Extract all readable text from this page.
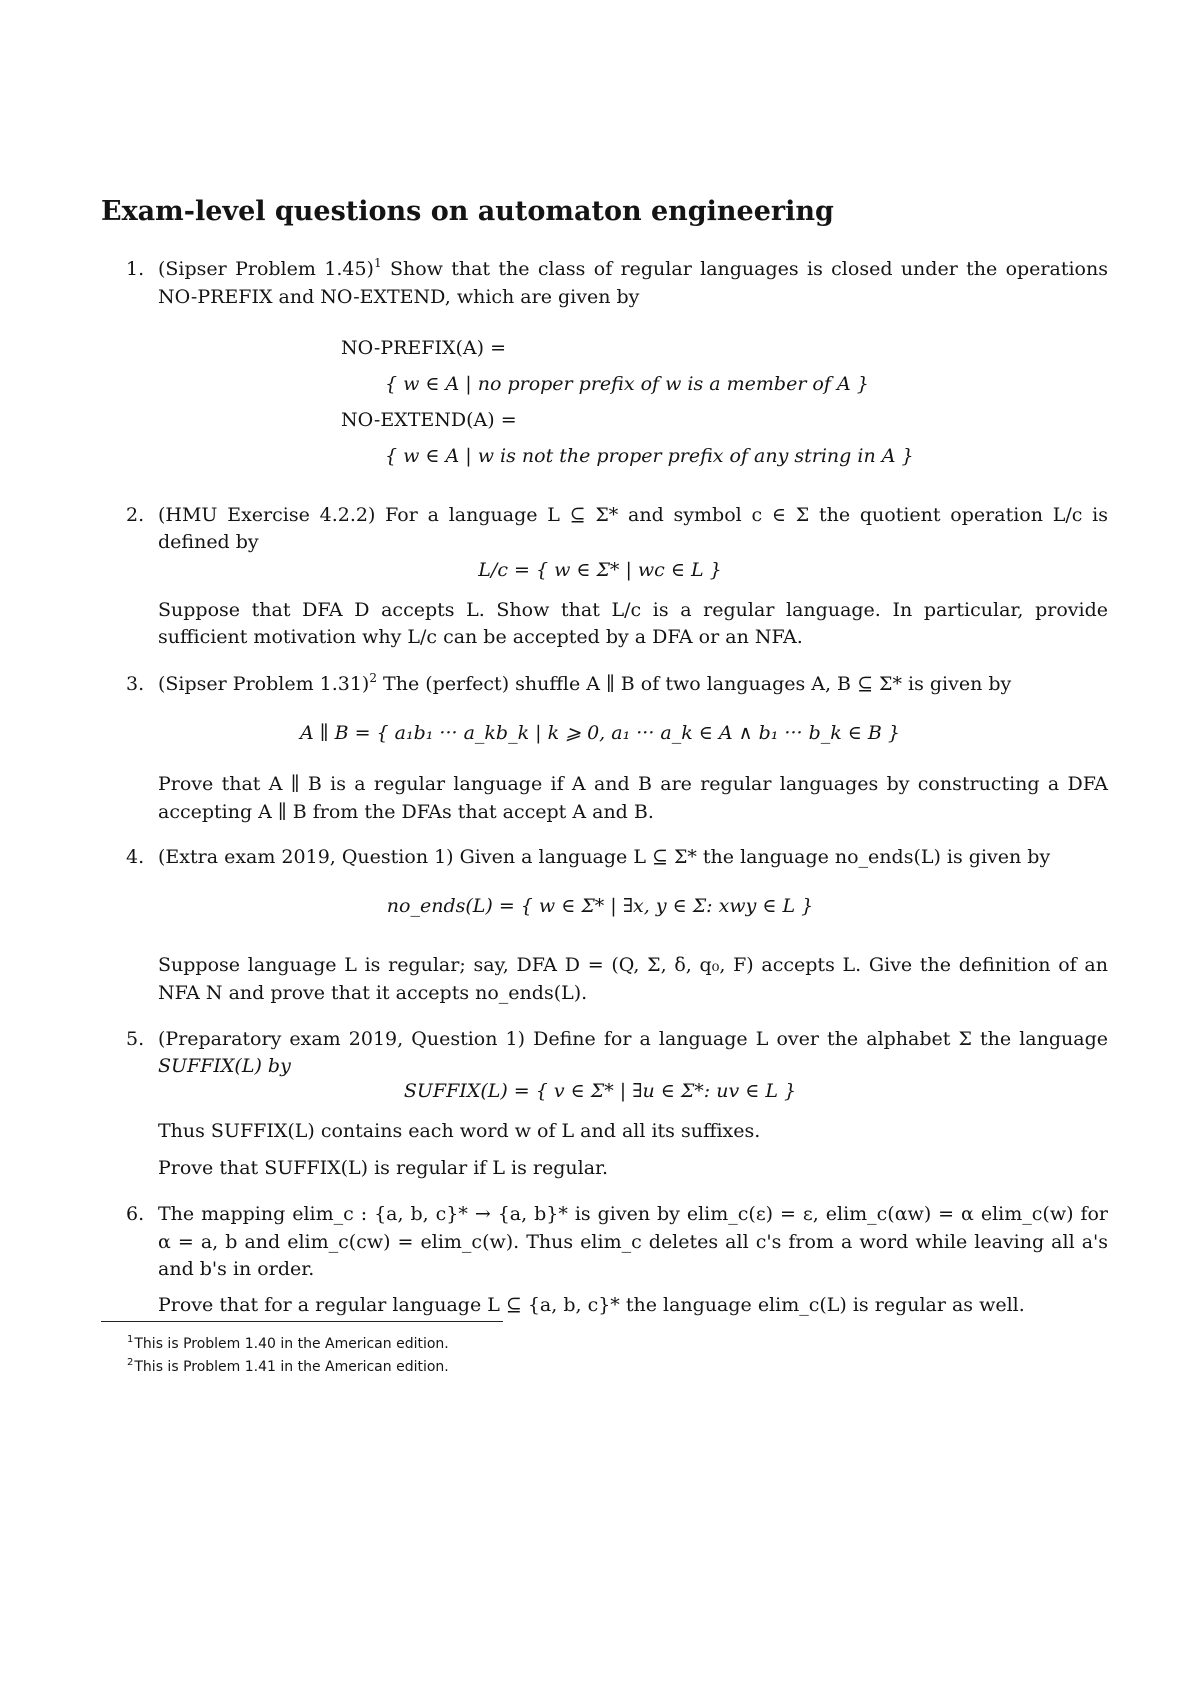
Exam-level questions on automaton engineering
1. (Sipser Problem 1.45)$^1$ Show that the class of regular languages is closed under the operations
NO-PREFIX and NO-EXTEND, which are given by
NO-PREFIX(A) =
{ w ∈ A | no proper prefix of w is a member of A }
NO-EXTEND(A) =
{ w ∈ A | w is not the proper prefix of any string in A }
2. (HMU Exercise 4.2.2) For a language L ⊆ Σ* and symbol c ∈ Σ the quotient operation L/c is
defined by
L/c = { w ∈ Σ* | wc ∈ L }
Suppose that DFA D accepts L. Show that L/c is a regular language. In particular, provide
sufficient motivation why L/c can be accepted by a DFA or an NFA.
3. (Sipser Problem 1.31)$^2$ The (perfect) shuffle A ∥ B of two languages A, B ⊆ Σ* is given by
A ∥ B = { a₁b₁ ··· a_kb_k | k ⩾ 0, a₁ ··· a_k ∈ A ∧ b₁ ··· b_k ∈ B }
Prove that A ∥ B is a regular language if A and B are regular languages by constructing a DFA
accepting A ∥ B from the DFAs that accept A and B.
4. (Extra exam 2019, Question 1) Given a language L ⊆ Σ* the language no_ends(L) is given by
no_ends(L) = { w ∈ Σ* | ∃x, y ∈ Σ: xwy ∈ L }
Suppose language L is regular; say, DFA D = (Q, Σ, δ, q₀, F) accepts L. Give the definition of an
NFA N and prove that it accepts no_ends(L).
5. (Preparatory exam 2019, Question 1) Define for a language L over the alphabet Σ the language
SUFFIX(L) by
SUFFIX(L) = { v ∈ Σ* | ∃u ∈ Σ*: uv ∈ L }
Thus SUFFIX(L) contains each word w of L and all its suffixes.
Prove that SUFFIX(L) is regular if L is regular.
6. The mapping elim_c : {a, b, c}* → {a, b}* is given by elim_c(ε) = ε, elim_c(αw) = α elim_c(w) for
α = a, b and elim_c(cw) = elim_c(w). Thus elim_c deletes all c's from a word while leaving all a's
and b's in order.
Prove that for a regular language L ⊆ {a, b, c}* the language elim_c(L) is regular as well.
$^1$This is Problem 1.40 in the American edition.
$^2$This is Problem 1.41 in the American edition.
